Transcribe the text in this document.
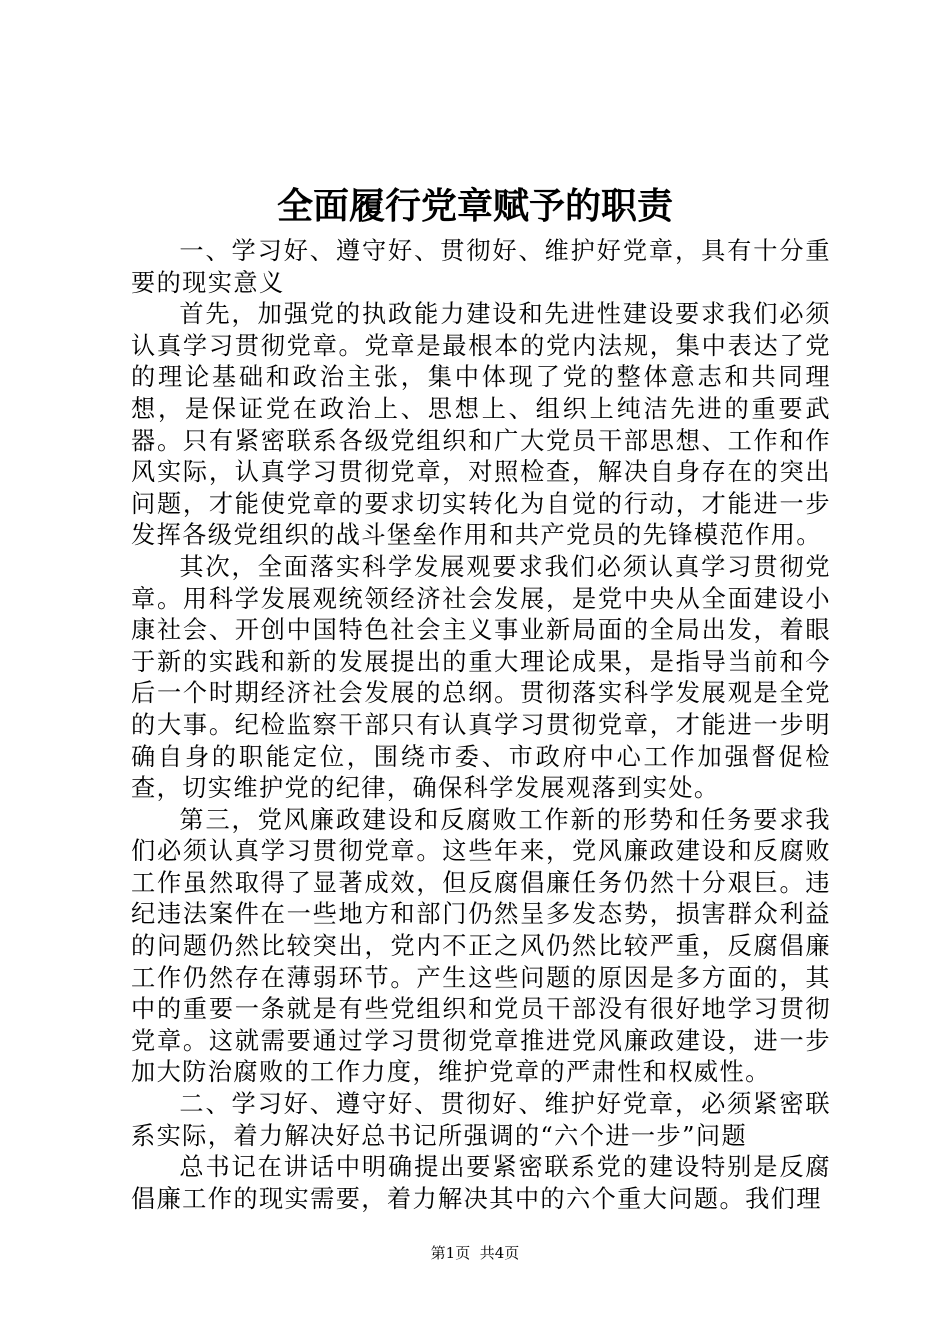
全面履行党章赋予的职责

一、学习好、遵守好、贯彻好、维护好党章，具有十分重要的现实意义

首先，加强党的执政能力建设和先进性建设要求我们必须认真学习贯彻党章。党章是最根本的党内法规，集中表达了党的理论基础和政治主张，集中体现了党的整体意志和共同理想，是保证党在政治上、思想上、组织上纯洁先进的重要武器。只有紧密联系各级党组织和广大党员干部思想、工作和作风实际，认真学习贯彻党章，对照检查，解决自身存在的突出问题，才能使党章的要求切实转化为自觉的行动，才能进一步发挥各级党组织的战斗堡垒作用和共产党员的先锋模范作用。

其次，全面落实科学发展观要求我们必须认真学习贯彻党章。用科学发展观统领经济社会发展，是党中央从全面建设小康社会、开创中国特色社会主义事业新局面的全局出发，着眼于新的实践和新的发展提出的重大理论成果，是指导当前和今后一个时期经济社会发展的总纲。贯彻落实科学发展观是全党的大事。纪检监察干部只有认真学习贯彻党章，才能进一步明确自身的职能定位，围绕市委、市政府中心工作加强督促检查，切实维护党的纪律，确保科学发展观落到实处。

第三，党风廉政建设和反腐败工作新的形势和任务要求我们必须认真学习贯彻党章。这些年来，党风廉政建设和反腐败工作虽然取得了显著成效，但反腐倡廉任务仍然十分艰巨。违纪违法案件在一些地方和部门仍然呈多发态势，损害群众利益的问题仍然比较突出，党内不正之风仍然比较严重，反腐倡廉工作仍然存在薄弱环节。产生这些问题的原因是多方面的，其中的重要一条就是有些党组织和党员干部没有很好地学习贯彻党章。这就需要通过学习贯彻党章推进党风廉政建设，进一步加大防治腐败的工作力度，维护党章的严肃性和权威性。

二、学习好、遵守好、贯彻好、维护好党章，必须紧密联系实际，着力解决好总书记所强调的“六个进一步”问题

总书记在讲话中明确提出要紧密联系党的建设特别是反腐倡廉工作的现实需要，着力解决其中的六个重大问题。我们理

第1页 共4页
